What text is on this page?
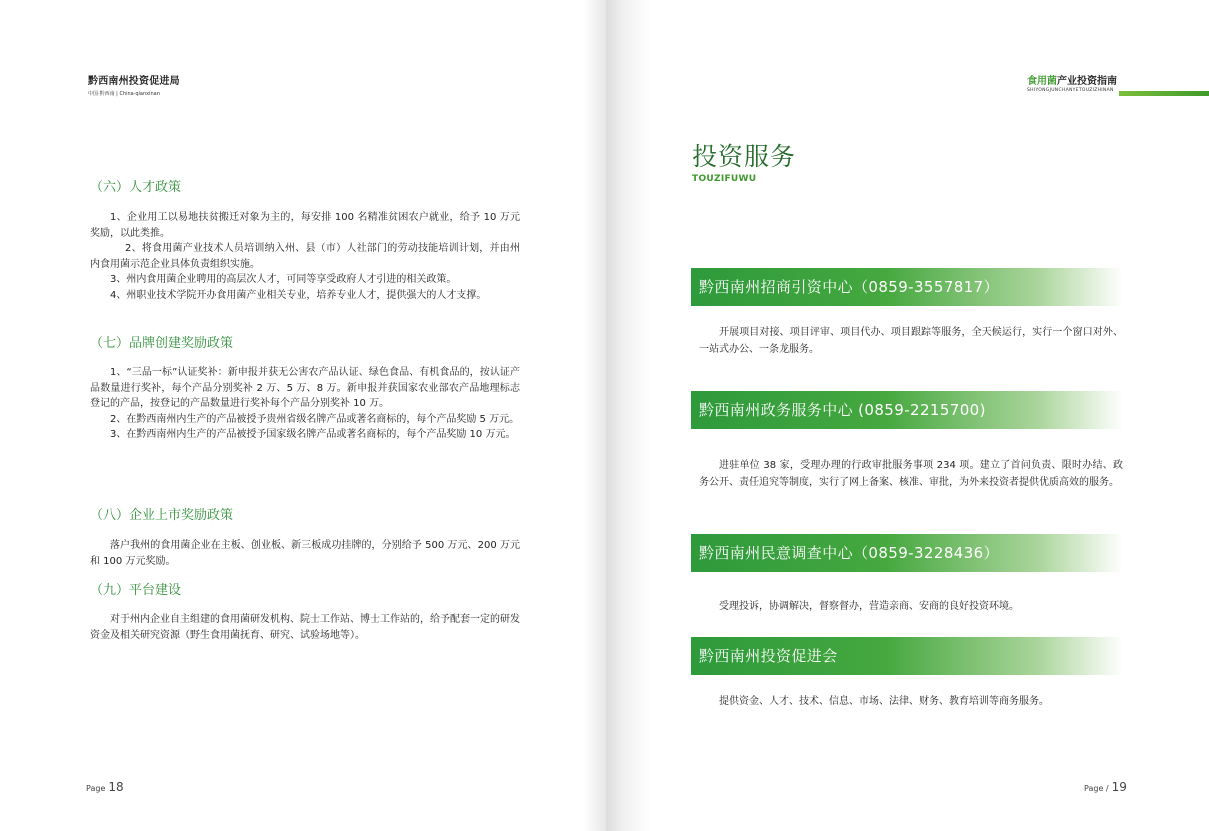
黔西南州投资促进局
中国·黔西南 | China·qianxinan
（六）人才政策

1、企业用工以易地扶贫搬迁对象为主的，每安排 100 名精准贫困农户就业，给予 10 万元奖励，以此类推。

2、将食用菌产业技术人员培训纳入州、县（市）人社部门的劳动技能培训计划，并由州内食用菌示范企业具体负责组织实施。

3、州内食用菌企业聘用的高层次人才，可同等享受政府人才引进的相关政策。

4、州职业技术学院开办食用菌产业相关专业，培养专业人才，提供强大的人才支撑。

（七）品牌创建奖励政策

1、“三品一标”认证奖补：新申报并获无公害农产品认证、绿色食品、有机食品的，按认证产品数量进行奖补，每个产品分别奖补 2 万、5 万、8 万。新申报并获国家农业部农产品地理标志登记的产品，按登记的产品数量进行奖补每个产品分别奖补 10 万。

2、在黔西南州内生产的产品被授予贵州省级名牌产品或著名商标的，每个产品奖励 5 万元。

3、在黔西南州内生产的产品被授予国家级名牌产品或著名商标的，每个产品奖励 10 万元。

（八）企业上市奖励政策

落户我州的食用菌企业在主板、创业板、新三板成功挂牌的，分别给予 500 万元、200 万元和 100 万元奖励。

（九）平台建设

对于州内企业自主组建的食用菌研发机构、院士工作站、博士工作站的，给予配套一定的研发资金及相关研究资源（野生食用菌抚育、研究、试验场地等）。

Page 18
食用菌产业投资指南
SHIYONGJUNCHANYETOUZIZHINAN
投资服务
TOUZIFUWU
黔西南州招商引资中心（0859-3557817）

开展项目对接、项目评审、项目代办、项目跟踪等服务，全天候运行，实行一个窗口对外、一站式办公、一条龙服务。

黔西南州政务服务中心 (0859-2215700)

进驻单位 38 家，受理办理的行政审批服务事项 234 项。建立了首问负责、限时办结、政务公开、责任追究等制度，实行了网上备案、核准、审批，为外来投资者提供优质高效的服务。

黔西南州民意调查中心（0859-3228436）

受理投诉，协调解决，督察督办，营造亲商、安商的良好投资环境。

黔西南州投资促进会

提供资金、人才、技术、信息、市场、法律、财务、教育培训等商务服务。

Page / 19
